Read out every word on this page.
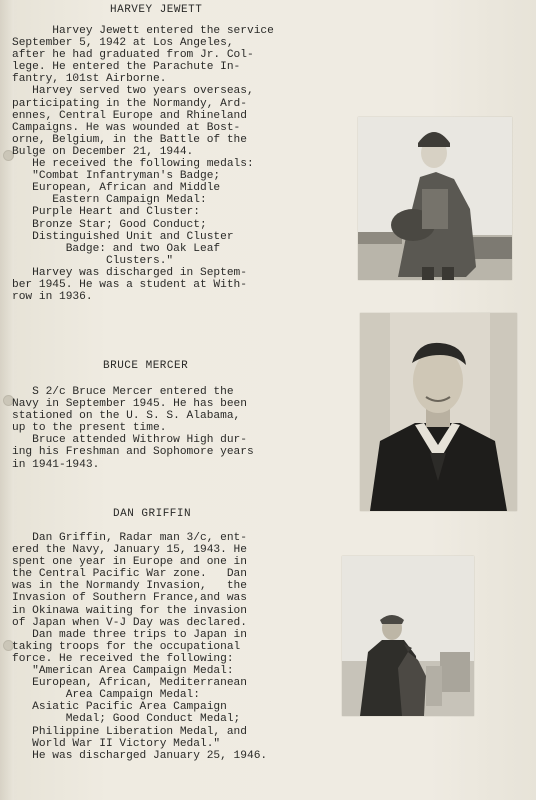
HARVEY JEWETT
Harvey Jewett entered the service
September 5, 1942 at Los Angeles,
after he had graduated from Jr. Col-
lege. He entered the Parachute In-
fantry, 101st Airborne.
Harvey served two years overseas,
participating in the Normandy, Ard-
ennes, Central Europe and Rhineland
Campaigns. He was wounded at Bost-
orne, Belgium, in the Battle of the
Bulge on December 21, 1944.
He received the following medals:
"Combat Infantryman's Badge;
European, African and Middle
Eastern Campaign Medal:
Purple Heart and Cluster:
Bronze Star; Good Conduct;
Distinguished Unit and Cluster
Badge: and two Oak Leaf
Clusters."
Harvey was discharged in Septem-
ber 1945. He was a student at With-
row in 1936.
BRUCE MERCER
S 2/c Bruce Mercer entered the
Navy in September 1945. He has been
stationed on the U. S. S. Alabama,
up to the present time.
Bruce attended Withrow High dur-
ing his Freshman and Sophomore years
in 1941-1943.
DAN GRIFFIN
Dan Griffin, Radar man 3/c, ent-
ered the Navy, January 15, 1943. He
spent one year in Europe and one in
the Central Pacific War zone.   Dan
was in the Normandy Invasion,   the
Invasion of Southern France,and was
in Okinawa waiting for the invasion
of Japan when V-J Day was declared.
Dan made three trips to Japan in
taking troops for the occupational
force. He received the following:
"American Area Campaign Medal:
European, African, Mediterranean
Area Campaign Medal:
Asiatic Pacific Area Campaign
Medal; Good Conduct Medal;
Philippine Liberation Medal, and
World War II Victory Medal."
He was discharged January 25, 1946.
